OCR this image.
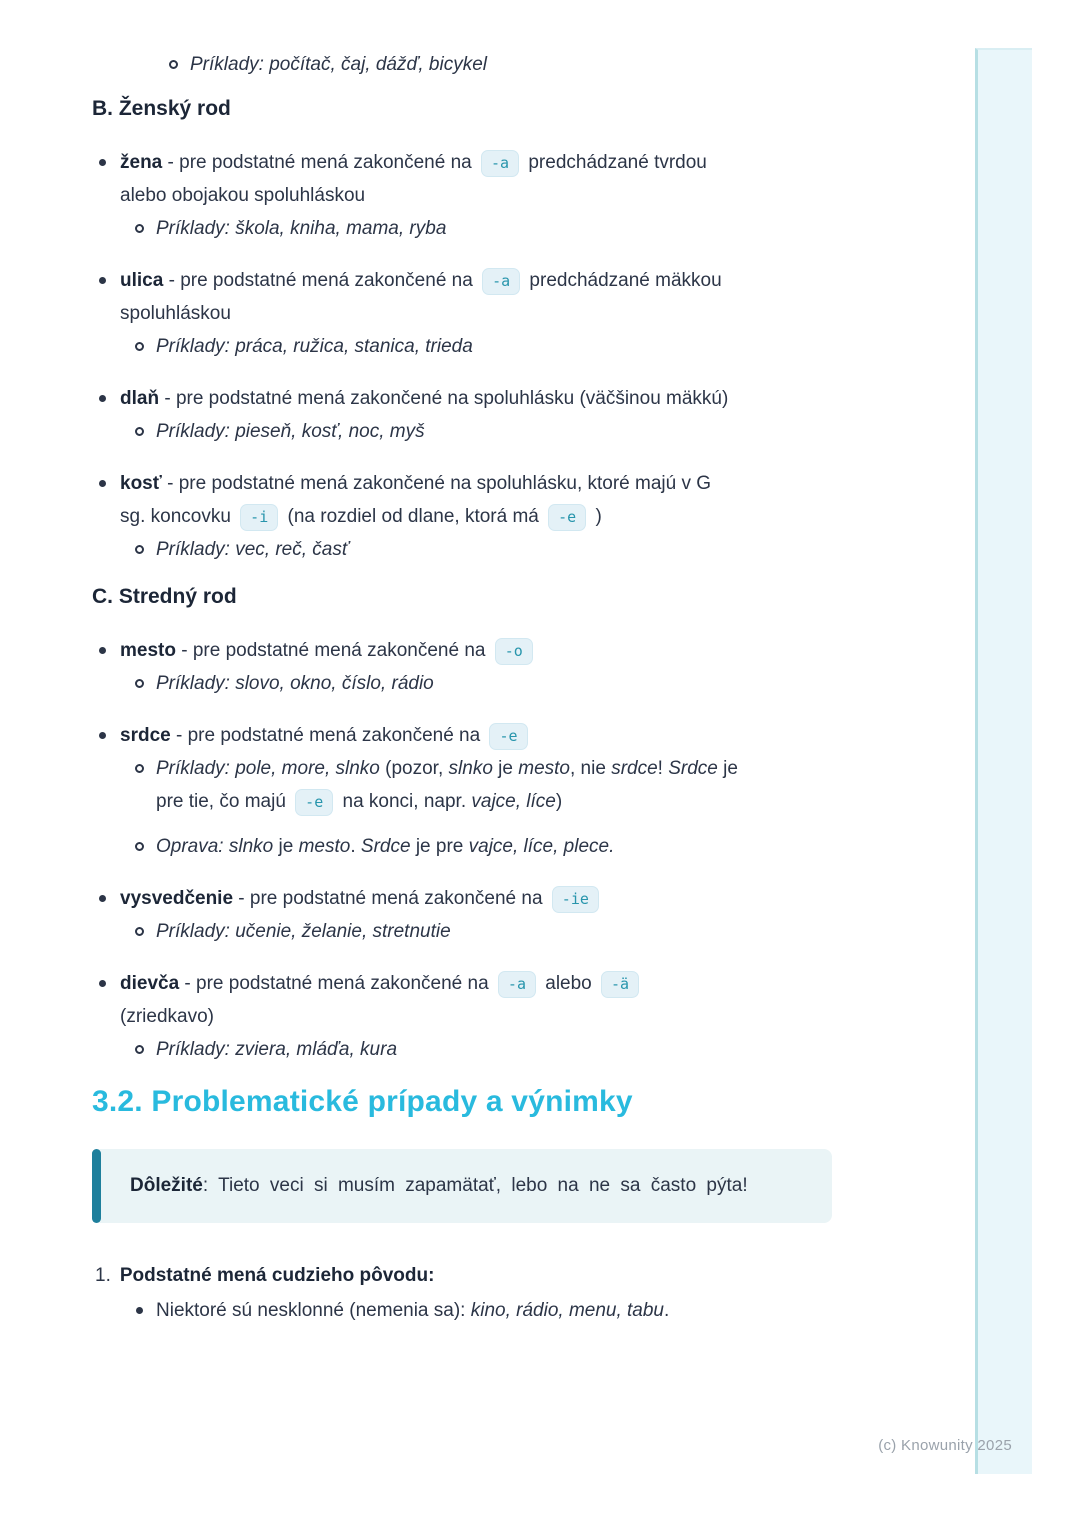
Príklady: počítač, čaj, dážď, bicykel

B. Ženský rod

žena - pre podstatné mená zakončené na -a predchádzané tvrdou alebo obojakou spoluhláskou

Príklady: škola, kniha, mama, ryba

ulica - pre podstatné mená zakončené na -a predchádzané mäkkou spoluhláskou

Príklady: práca, ružica, stanica, trieda

dlaň - pre podstatné mená zakončené na spoluhlásku (väčšinou mäkkú)

Príklady: pieseň, kosť, noc, myš

kosť - pre podstatné mená zakončené na spoluhlásku, ktoré majú v G sg. koncovku -i (na rozdiel od dlane, ktorá má -e )

Príklady: vec, reč, časť

C. Stredný rod

mesto - pre podstatné mená zakončené na -o

Príklady: slovo, okno, číslo, rádio

srdce - pre podstatné mená zakončené na -e

Príklady: pole, more, slnko (pozor, slnko je mesto, nie srdce! Srdce je pre tie, čo majú -e na konci, napr. vajce, líce)

Oprava: slnko je mesto. Srdce je pre vajce, líce, plece.

vysvedčenie - pre podstatné mená zakončené na -ie

Príklady: učenie, želanie, stretnutie

dievča - pre podstatné mená zakončené na -a alebo -ä (zriedkavo)

Príklady: zviera, mláďa, kura

3.2. Problematické prípady a výnimky

Dôležité: Tieto veci si musím zapamätať, lebo na ne sa často pýta!

1. Podstatné mená cudzieho pôvodu:

Niektoré sú nesklonné (nemenia sa): kino, rádio, menu, tabu.

(c) Knowunity 2025
